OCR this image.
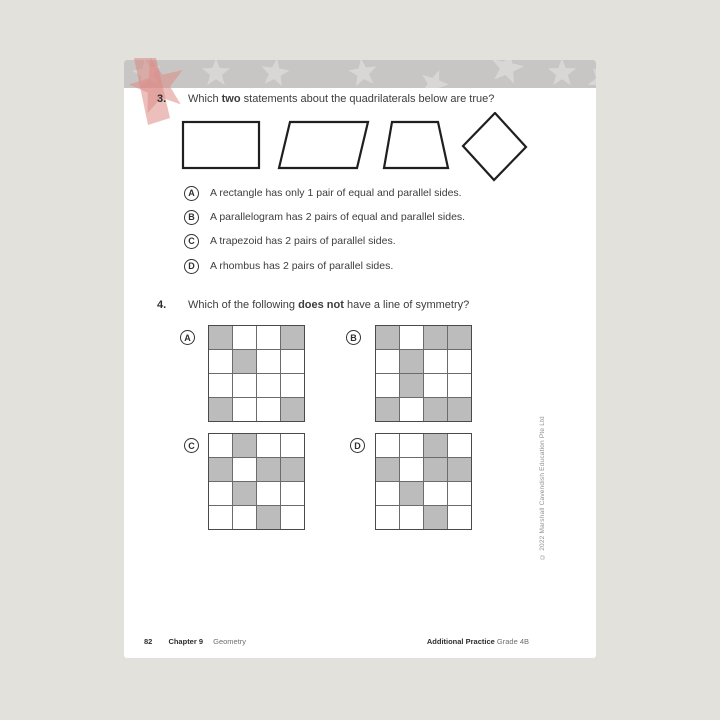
3. Which two statements about the quadrilaterals below are true?
A	A rectangle has only 1 pair of equal and parallel sides.
B	A parallelogram has 2 pairs of equal and parallel sides.
C	A trapezoid has 2 pairs of parallel sides.
D	A rhombus has 2 pairs of parallel sides.
4. Which of the following does not have a line of symmetry?
A	B
C	D	© 2022 Marshall Cavendish Education Pte Ltd
82 Chapter 9 Geometry	Additional Practice Grade 4B
